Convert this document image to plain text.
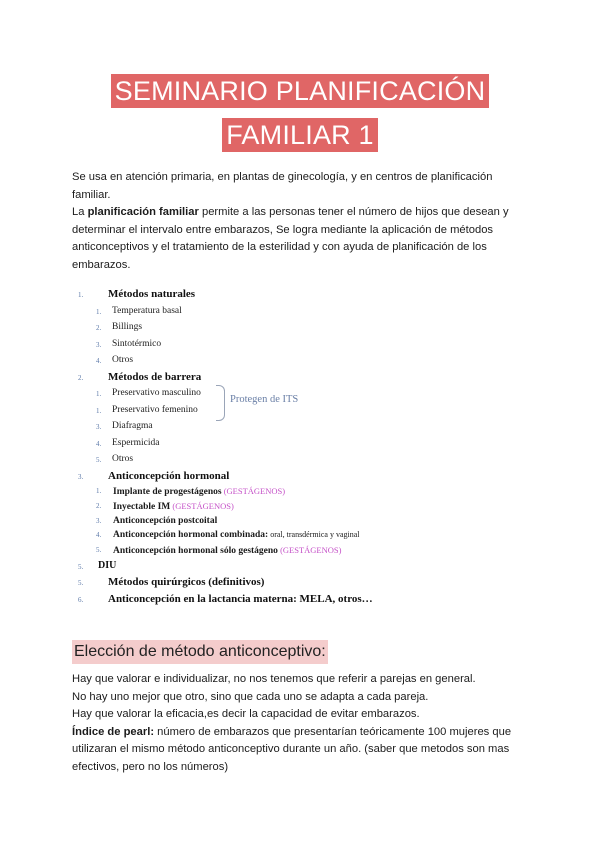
SEMINARIO PLANIFICACIÓN
FAMILIAR 1

Se usa en atención primaria, en plantas de ginecología, y en centros de planificación familiar.

La planificación familiar permite a las personas tener el número de hijos que desean y determinar el intervalo entre embarazos, Se logra mediante la aplicación de métodos anticonceptivos y el tratamiento de la esterilidad y con ayuda de planificación de los embarazos.

1. Métodos naturales
1. Temperatura basal
2. Billings
3. Sintotérmico
4. Otros
2. Métodos de barrera
1. Preservativo masculino
1. Preservativo femenino
3. Diafragma
4. Espermicida
5. Otros
3. Anticoncepción hormonal
1. Implante de progestágenos (GESTÁGENOS)
2. Inyectable IM (GESTÁGENOS)
3. Anticoncepción postcoital
4. Anticoncepción hormonal combinada: oral, transdérmica y vaginal
5. Anticoncepción hormonal sólo gestágeno (GESTÁGENOS)
5. DIU
5. Métodos quirúrgicos (definitivos)
6. Anticoncepción en la lactancia materna: MELA, otros…
Protegen de ITS
Elección de método anticonceptivo:

Hay que valorar e individualizar, no nos tenemos que referir a parejas en general.

No hay uno mejor que otro, sino que cada uno se adapta a cada pareja.

Hay que valorar la eficacia,es decir la capacidad de evitar embarazos.

Índice de pearl: número de embarazos que presentarían teóricamente 100 mujeres que utilizaran el mismo método anticonceptivo durante un año. (saber que metodos son mas efectivos, pero no los números)
